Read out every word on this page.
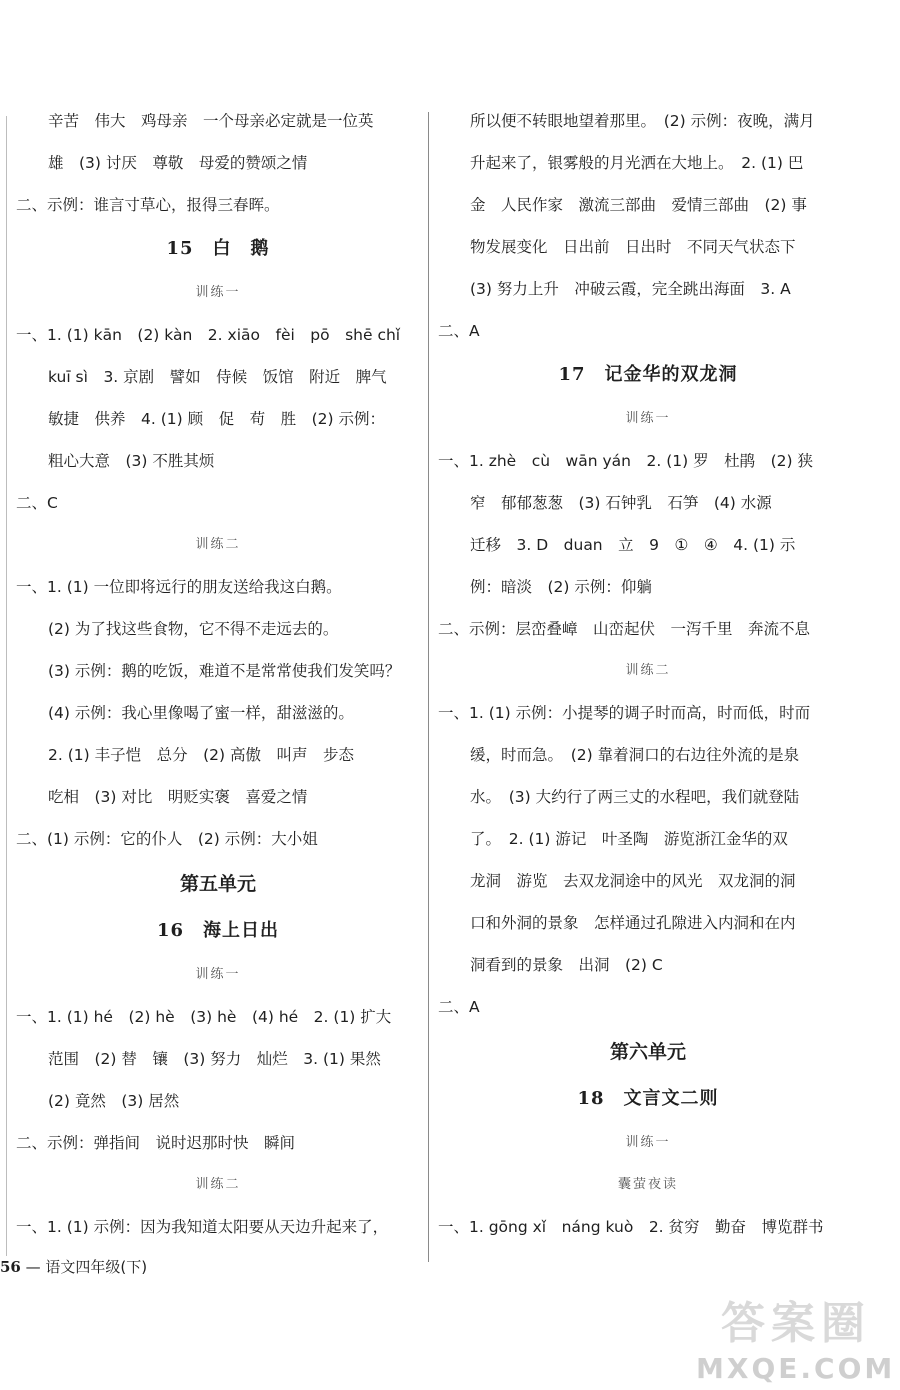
辛苦　伟大　鸡母亲　一个母亲必定就是一位英
雄　(3) 讨厌　尊敬　母爱的赞颂之情
二、示例：谁言寸草心，报得三春晖。
15　白　鹅
训练一
一、1. (1) kān　(2) kàn　2. xiāo　fèi　pō　shē chǐ
kuī sì　3. 京剧　譬如　侍候　饭馆　附近　脾气
敏捷　供养　4. (1) 顾　促　苟　胜　(2) 示例：
粗心大意　(3) 不胜其烦
二、C
训练二
一、1. (1) 一位即将远行的朋友送给我这白鹅。
(2) 为了找这些食物，它不得不走远去的。
(3) 示例：鹅的吃饭，难道不是常常使我们发笑吗？
(4) 示例：我心里像喝了蜜一样，甜滋滋的。
2. (1) 丰子恺　总分　(2) 高傲　叫声　步态
吃相　(3) 对比　明贬实褒　喜爱之情
二、(1) 示例：它的仆人　(2) 示例：大小姐
第五单元
16　海上日出
训练一
一、1. (1) hé　(2) hè　(3) hè　(4) hé　2. (1) 扩大
范围　(2) 替　镶　(3) 努力　灿烂　3. (1) 果然
(2) 竟然　(3) 居然
二、示例：弹指间　说时迟那时快　瞬间
训练二
一、1. (1) 示例：因为我知道太阳要从天边升起来了，
所以便不转眼地望着那里。　(2) 示例：夜晚，满月
升起来了，银雾般的月光洒在大地上。　2. (1) 巴
金　人民作家　激流三部曲　爱情三部曲　(2) 事
物发展变化　日出前　日出时　不同天气状态下
(3) 努力上升　冲破云霞，完全跳出海面　3. A
二、A
17　记金华的双龙洞
训练一
一、1. zhè　cù　wān yán　2. (1) 罗　杜鹃　(2) 狭
窄　郁郁葱葱　(3) 石钟乳　石笋　(4) 水源
迁移　3. D　duan　立　9　①　④　4. (1) 示
例：暗淡　(2) 示例：仰躺
二、示例：层峦叠嶂　山峦起伏　一泻千里　奔流不息
训练二
一、1. (1) 示例：小提琴的调子时而高，时而低，时而
缓，时而急。　(2) 靠着洞口的右边往外流的是泉
水。　(3) 大约行了两三丈的水程吧，我们就登陆
了。　2. (1) 游记　叶圣陶　游览浙江金华的双
龙洞　游览　去双龙洞途中的风光　双龙洞的洞
口和外洞的景象　怎样通过孔隙进入内洞和在内
洞看到的景象　出洞　(2) C
二、A
第六单元
18　文言文二则
训练一
囊萤夜读
一、1. gōng xǐ　náng kuò　2. 贫穷　勤奋　博览群书
56 — 语文四年级(下)
答案圈
MXQE.COM
